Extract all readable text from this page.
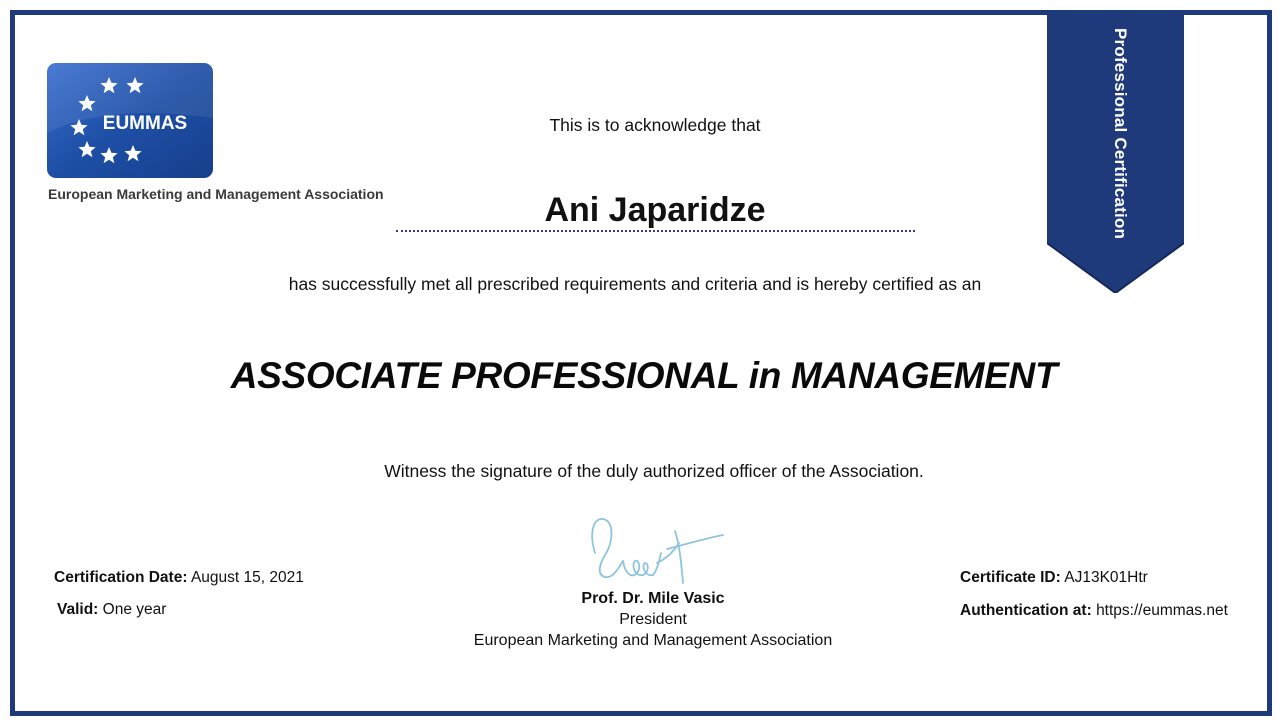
EUMMAS
European Marketing and Management Association
This is to acknowledge that
Ani Japaridze
has successfully met all prescribed requirements and criteria and is hereby certified as an
ASSOCIATE PROFESSIONAL in MANAGEMENT
Witness the signature of the duly authorized officer of the Association.
Prof. Dr. Mile Vasic
President
European Marketing and Management Association
Certification Date: August 15, 2021
Valid: One year
Certificate ID: AJ13K01Htr
Authentication at: https://eummas.net
Professional Certification
